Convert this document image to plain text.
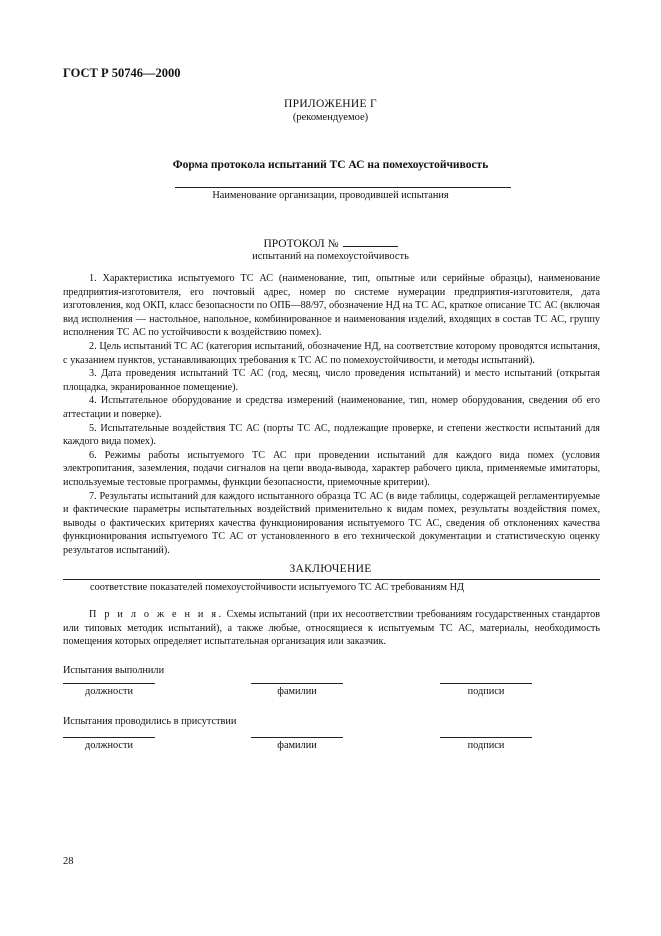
ГОСТ Р 50746—2000
ПРИЛОЖЕНИЕ Г
(рекомендуемое)
Форма протокола испытаний ТС АС на помехоустойчивость
Наименование организации, проводившей испытания
ПРОТОКОЛ №
испытаний на помехоустойчивость

1. Характеристика испытуемого ТС АС (наименование, тип, опытные или серийные образцы), наименование предприятия-изготовителя, его почтовый адрес, номер по системе нумерации предприятия-изготовителя, дата изготовления, код ОКП, класс безопасности по ОПБ—88/97, обозначение НД на ТС АС, краткое описание ТС АС (включая вид исполнения — настольное, напольное, комбинированное и наименования изделий, входящих в состав ТС АС, группу исполнения ТС АС по устойчивости к воздействию помех).

2. Цель испытаний ТС АС (категория испытаний, обозначение НД, на соответствие которому проводятся испытания, с указанием пунктов, устанавливающих требования к ТС АС по помехоустойчивости, и методы испытаний).

3. Дата проведения испытаний ТС АС (год, месяц, число проведения испытаний) и место испытаний (открытая площадка, экранированное помещение).

4. Испытательное оборудование и средства измерений (наименование, тип, номер оборудования, сведения об его аттестации и поверке).

5. Испытательные воздействия ТС АС (порты ТС АС, подлежащие проверке, и степени жесткости испытаний для каждого вида помех).

6. Режимы работы испытуемого ТС АС при проведении испытаний для каждого вида помех (условия электропитания, заземления, подачи сигналов на цепи ввода-вывода, характер рабочего цикла, применяемые имитаторы, используемые тестовые программы, функции безопасности, приемочные критерии).

7. Результаты испытаний для каждого испытанного образца ТС АС (в виде таблицы, содержащей регламентируемые и фактические параметры испытательных воздействий применительно к видам помех, результаты воздействия помех, выводы о фактических критериях качества функционирования испытуемого ТС АС, сведения об отклонениях качества функционирования испытуемого ТС АС от установленного в его технической документации и статистическую оценку результатов испытаний).

ЗАКЛЮЧЕНИЕ
соответствие показателей помехоустойчивости испытуемого ТС АС требованиям НД

П р и л о ж е н и я. Схемы испытаний (при их несоответствии требованиям государственных стандартов или типовых методик испытаний), а также любые, относящиеся к испытуемым ТС АС, материалы, необходимость помещения которых определяет испытательная организация или заказчик.

Испытания выполнили
должности	фамилии	подписи
Испытания проводились в присутствии
должности	фамилии	подписи
28
